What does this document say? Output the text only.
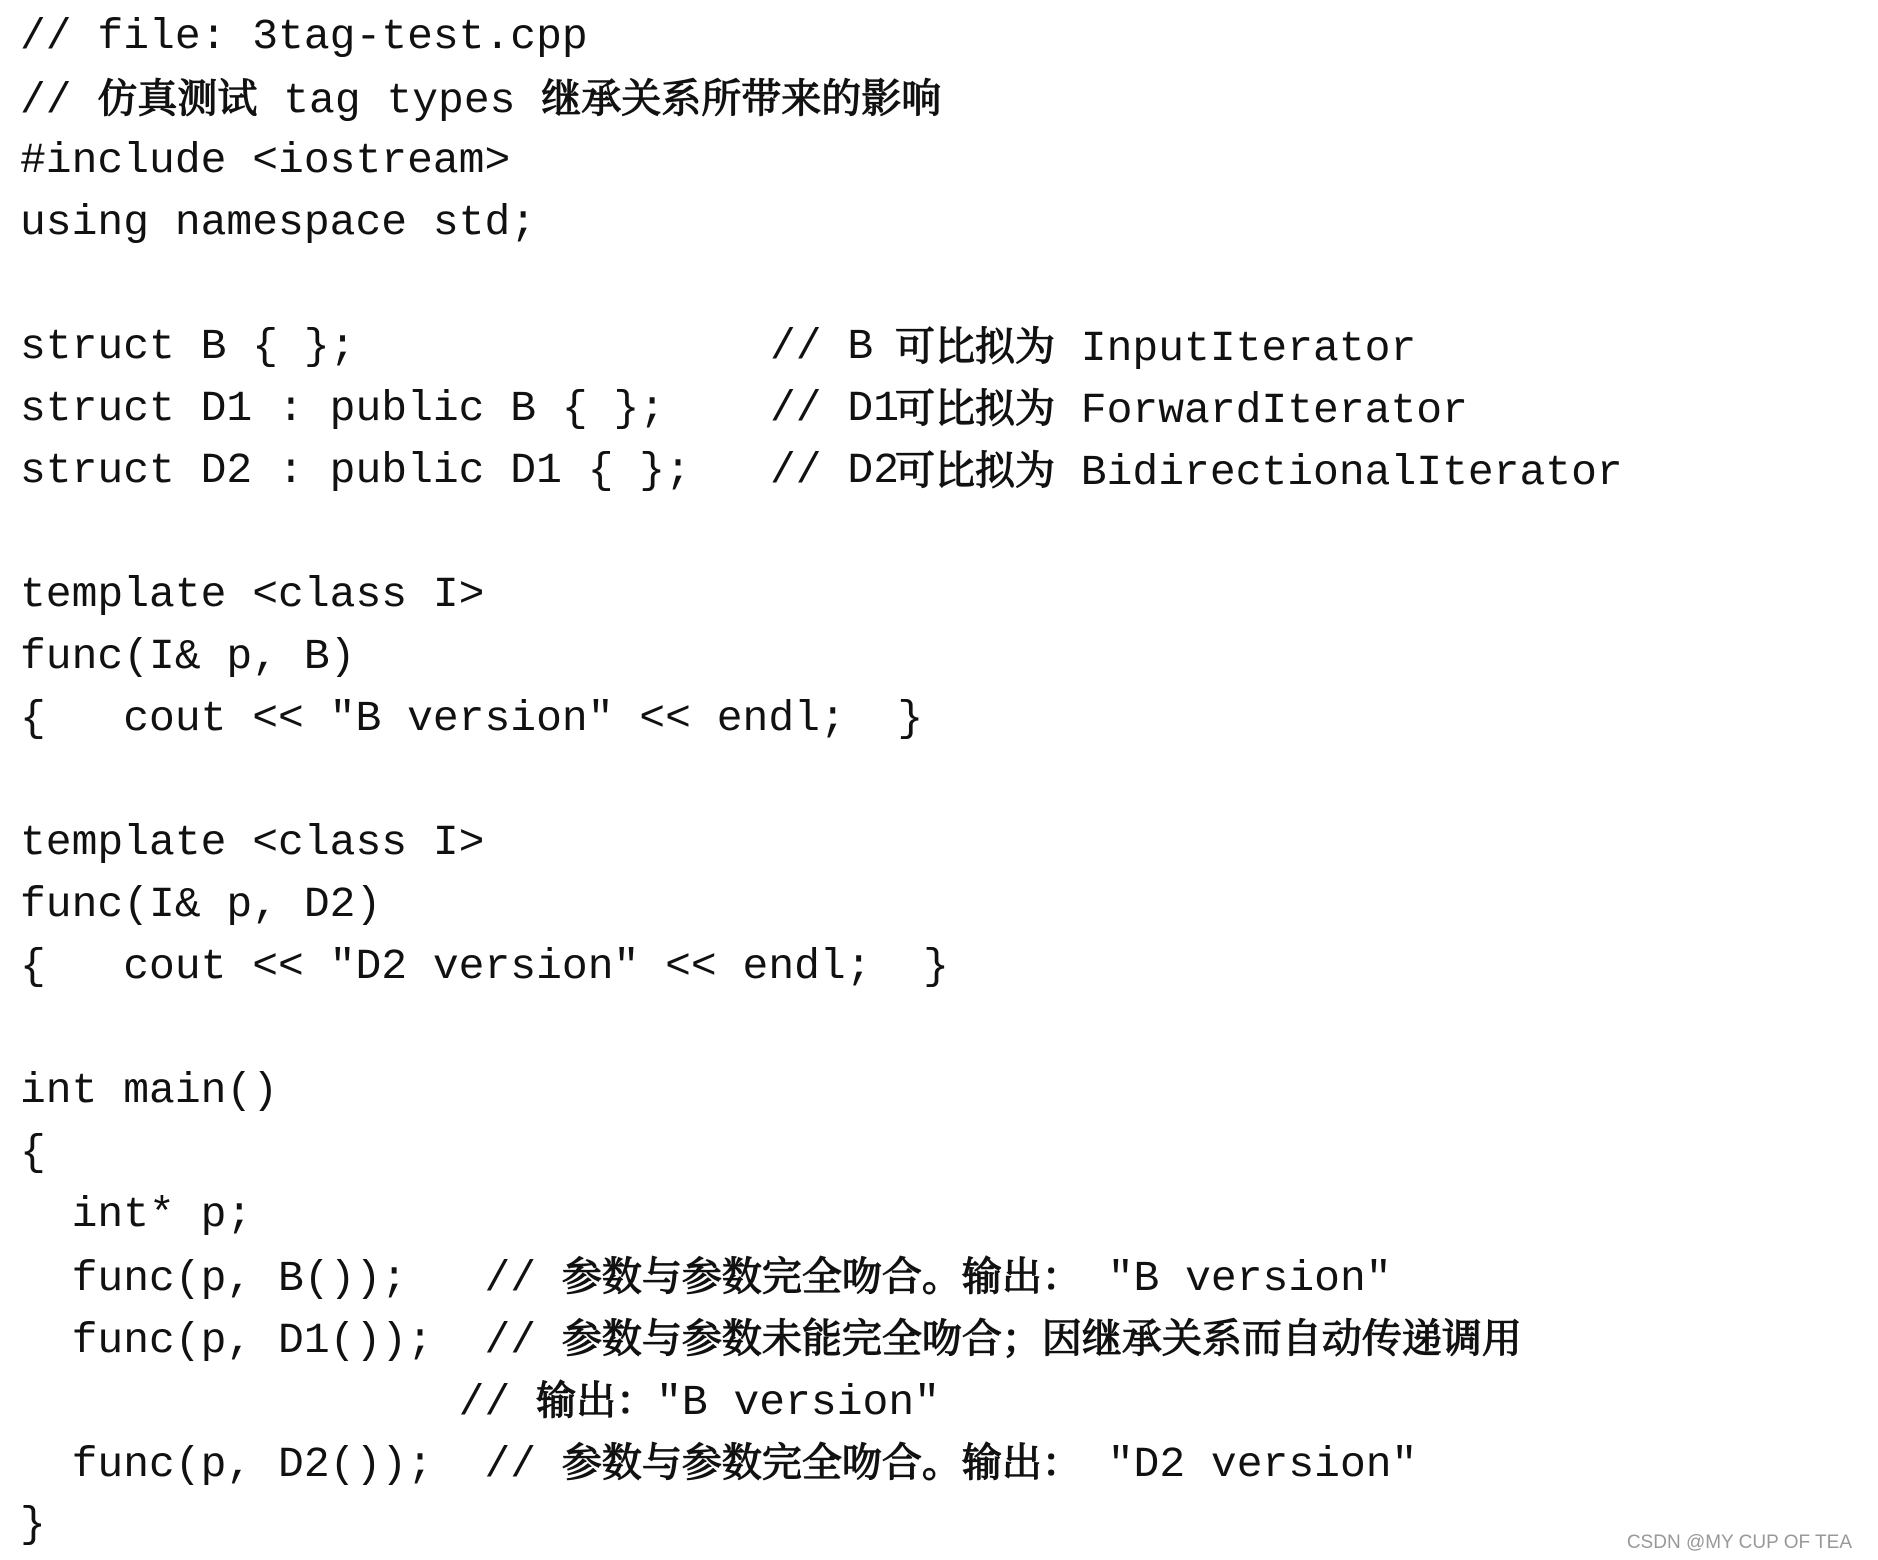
// file: 3tag-test.cpp
// 仿真测试 tag types 继承关系所带来的影响
#include <iostream>
using namespace std;
struct B { };	// B
struct D1 : public B { }; // D1
struct D2 : public D1 { }; // D2
template <class I>
func(I& p, B)
{   cout << "B version" << endl;  }
template <class I>
func(I& p, D2)
{   cout << "D2 version" << endl;  }
int main()
{
int* p;
func(p, B());   // 参数与参数完全吻合。输出： "B version"
func(p, D1());  // 参数与参数未能完全吻合；因继承关系而自动传递调用
// 输出："B version"
func(p, D2());  // 参数与参数完全吻合。输出： "D2 version"
}
可比拟为 InputIterator
可比拟为 ForwardIterator
可比拟为 BidirectionalIterator
CSDN @MY CUP OF TEA
